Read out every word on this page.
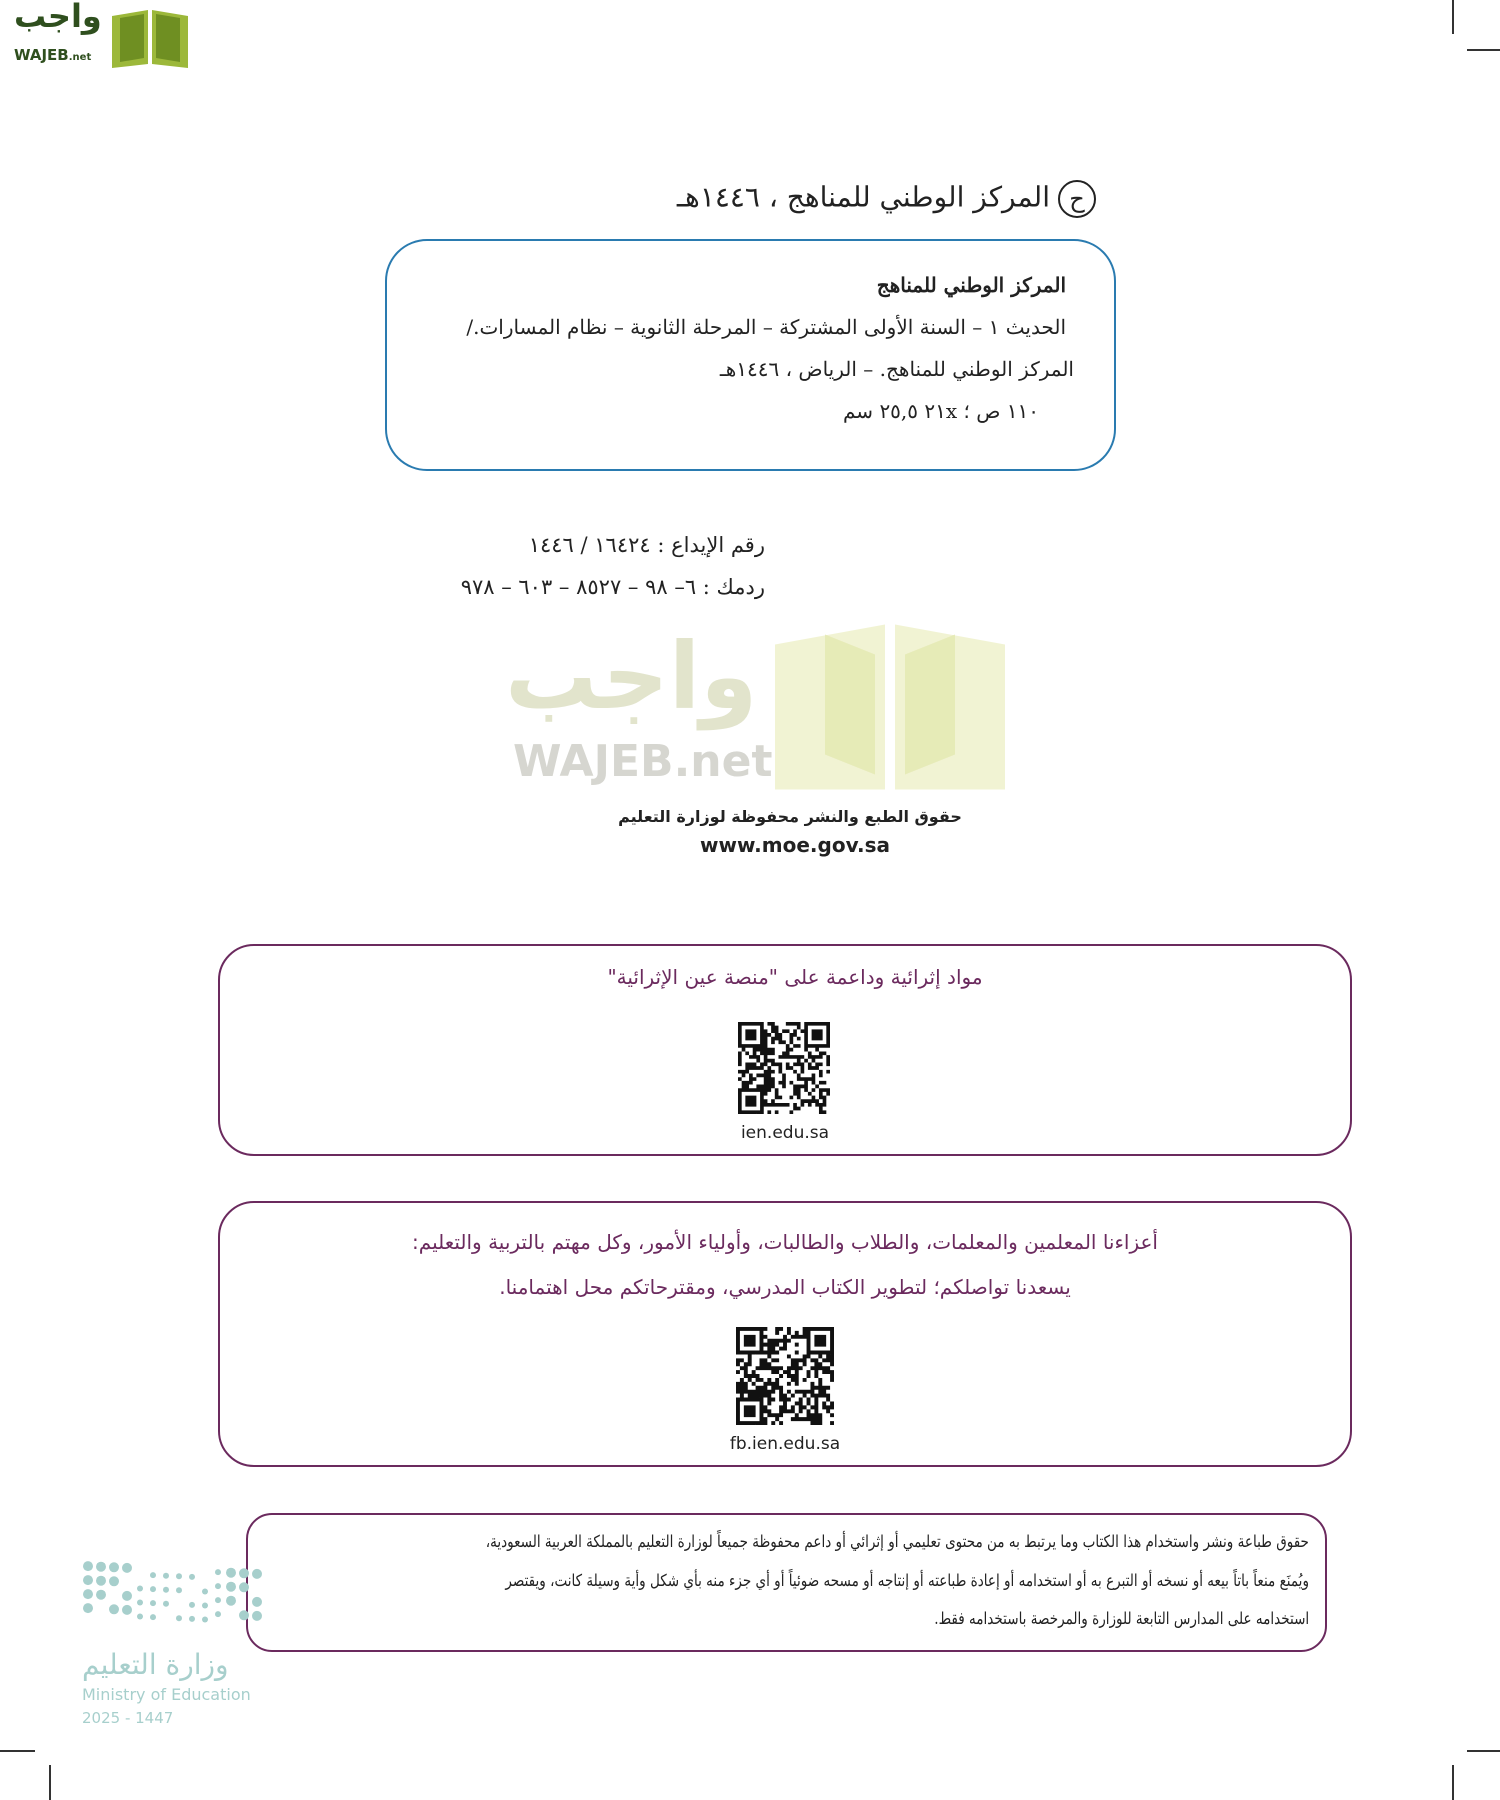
واجب
WAJEB.net
حالمركز الوطني للمناهج ، ١٤٤٦هـ
المركز الوطني للمناهج
الحديث ١ – السنة الأولى المشتركة – المرحلة الثانوية – نظام المسارات./
المركز الوطني للمناهج. – الرياض ، ١٤٤٦هـ
١١٠ ص ؛ ٢١x ٢٥,٥ سم
رقم الإيداع : ١٦٤٢٤ / ١٤٤٦
ردمك : ٦– ٩٨ – ٨٥٢٧ – ٦٠٣ – ٩٧٨
واجب
WAJEB.net
حقوق الطبع والنشر محفوظة لوزارة التعليم
www.moe.gov.sa
مواد إثرائية وداعمة على "منصة عين الإثرائية"
ien.edu.sa
أعزاءنا المعلمين والمعلمات، والطلاب والطالبات، وأولياء الأمور، وكل مهتم بالتربية والتعليم:
يسعدنا تواصلكم؛ لتطوير الكتاب المدرسي، ومقترحاتكم محل اهتمامنا.
fb.ien.edu.sa
حقوق طباعة ونشر واستخدام هذا الكتاب وما يرتبط به من محتوى تعليمي أو إثرائي أو داعم محفوظة جميعاً لوزارة التعليم بالمملكة العربية السعودية،
ويُمنَع منعاً باتاً بيعه أو نسخه أو التبرع به أو استخدامه أو إعادة طباعته أو إنتاجه أو مسحه ضوئياً أو أي جزء منه بأي شكل وأية وسيلة كانت، ويقتصر
استخدامه على المدارس التابعة للوزارة والمرخصة باستخدامه فقط.
وزارة التعليم
Ministry of Education
2025 - 1447
